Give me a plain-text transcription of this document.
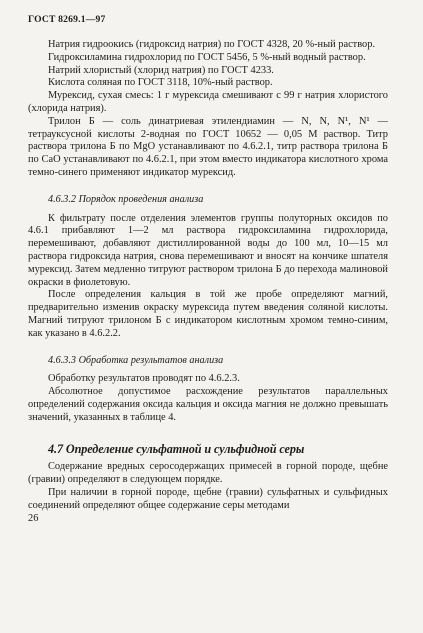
ГОСТ 8269.1—97

Натрия гидроокись (гидроксид натрия) по ГОСТ 4328, 20 %-ный раствор.

Гидроксиламина гидрохлорид по ГОСТ 5456, 5 %-ный водный раствор.

Натрий хлористый (хлорид натрия) по ГОСТ 4233.

Кислота соляная по ГОСТ 3118, 10%-ный раствор.

Мурексид, сухая смесь: 1 г мурексида смешивают с 99 г натрия хлористого (хлорида натрия).

Трилон Б — соль динатриевая этилендиамин — N, N, N¹, N¹ — тетрауксусной кислоты 2-водная по ГОСТ 10652 — 0,05 М раствор. Титр раствора трилона Б по MgO устанавливают по 4.6.2.1, титр раствора трилона Б по CaO устанавливают по 4.6.2.1, при этом вместо индикатора кислотного хрома темно-синего применяют индикатор мурексид.

4.6.3.2 Порядок проведения анализа

К фильтрату после отделения элементов группы полуторных оксидов по 4.6.1 прибавляют 1—2 мл раствора гидроксиламина гидрохлорида, перемешивают, добавляют дистиллированной воды до 100 мл, 10—15 мл раствора гидроксида натрия, снова перемешивают и вносят на кончике шпателя мурексид. Затем медленно титруют раствором трилона Б до перехода малиновой окраски в фиолетовую.

После определения кальция в той же пробе определяют магний, предварительно изменив окраску мурексида путем введения соляной кислоты. Магний титруют трилоном Б с индикатором кислотным хромом темно-синим, как указано в 4.6.2.2.

4.6.3.3 Обработка результатов анализа

Обработку результатов проводят по 4.6.2.3.

Абсолютное допустимое расхождение результатов параллельных определений содержания оксида кальция и оксида магния не должно превышать значений, указанных в таблице 4.

4.7 Определение сульфатной и сульфидной серы

Содержание вредных серосодержащих примесей в горной породе, щебне (гравии) определяют в следующем порядке.

При наличии в горной породе, щебне (гравии) сульфатных и сульфидных соединений определяют общее содержание серы методами

26
